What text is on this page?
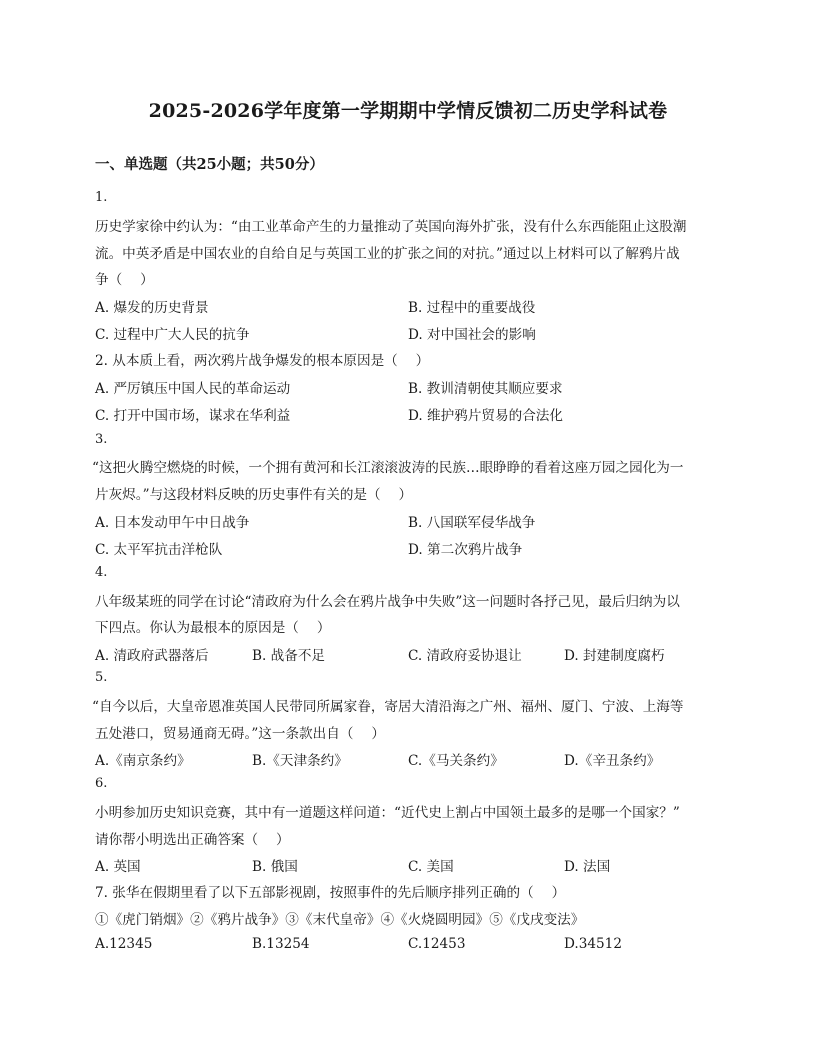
2025-2026学年度第一学期期中学情反馈初二历史学科试卷
一、单选题（共25小题；共50分）
1.
历史学家徐中约认为：“由工业革命产生的力量推动了英国向海外扩张，没有什么东西能阻止这股潮
流。中英矛盾是中国农业的自给自足与英国工业的扩张之间的对抗。”通过以上材料可以了解鸦片战
争（　 ）
A. 爆发的历史背景	B. 过程中的重要战役
C. 过程中广大人民的抗争	D. 对中国社会的影响
2. 从本质上看，两次鸦片战争爆发的根本原因是（　 ）
A. 严厉镇压中国人民的革命运动	B. 教训清朝使其顺应要求
C. 打开中国市场，谋求在华利益	D. 维护鸦片贸易的合法化
3.
“这把火腾空燃烧的时候，一个拥有黄河和长江滚滚波涛的民族…眼睁睁的看着这座万园之园化为一
片灰烬。”与这段材料反映的历史事件有关的是（　 ）
A. 日本发动甲午中日战争	B. 八国联军侵华战争
C. 太平军抗击洋枪队	D. 第二次鸦片战争
4.
八年级某班的同学在讨论“清政府为什么会在鸦片战争中失败”这一问题时各抒己见，最后归纳为以
下四点。你认为最根本的原因是（　 ）
A. 清政府武器落后	B. 战备不足	C. 清政府妥协退让	D. 封建制度腐朽
5.
“自今以后，大皇帝恩准英国人民带同所属家眷，寄居大清沿海之广州、福州、厦门、宁波、上海等
五处港口，贸易通商无碍。”这一条款出自（　 ）
A.《南京条约》	B.《天津条约》	C.《马关条约》	D.《辛丑条约》
6.
小明参加历史知识竞赛，其中有一道题这样问道：“近代史上割占中国领土最多的是哪一个国家？”
请你帮小明选出正确答案（　 ）
A. 英国	B. 俄国	C. 美国	D. 法国
7. 张华在假期里看了以下五部影视剧，按照事件的先后顺序排列正确的（　 ）
①《虎门销烟》②《鸦片战争》③《末代皇帝》④《火烧圆明园》⑤《戊戌变法》
A.12345	B.13254	C.12453	D.34512
